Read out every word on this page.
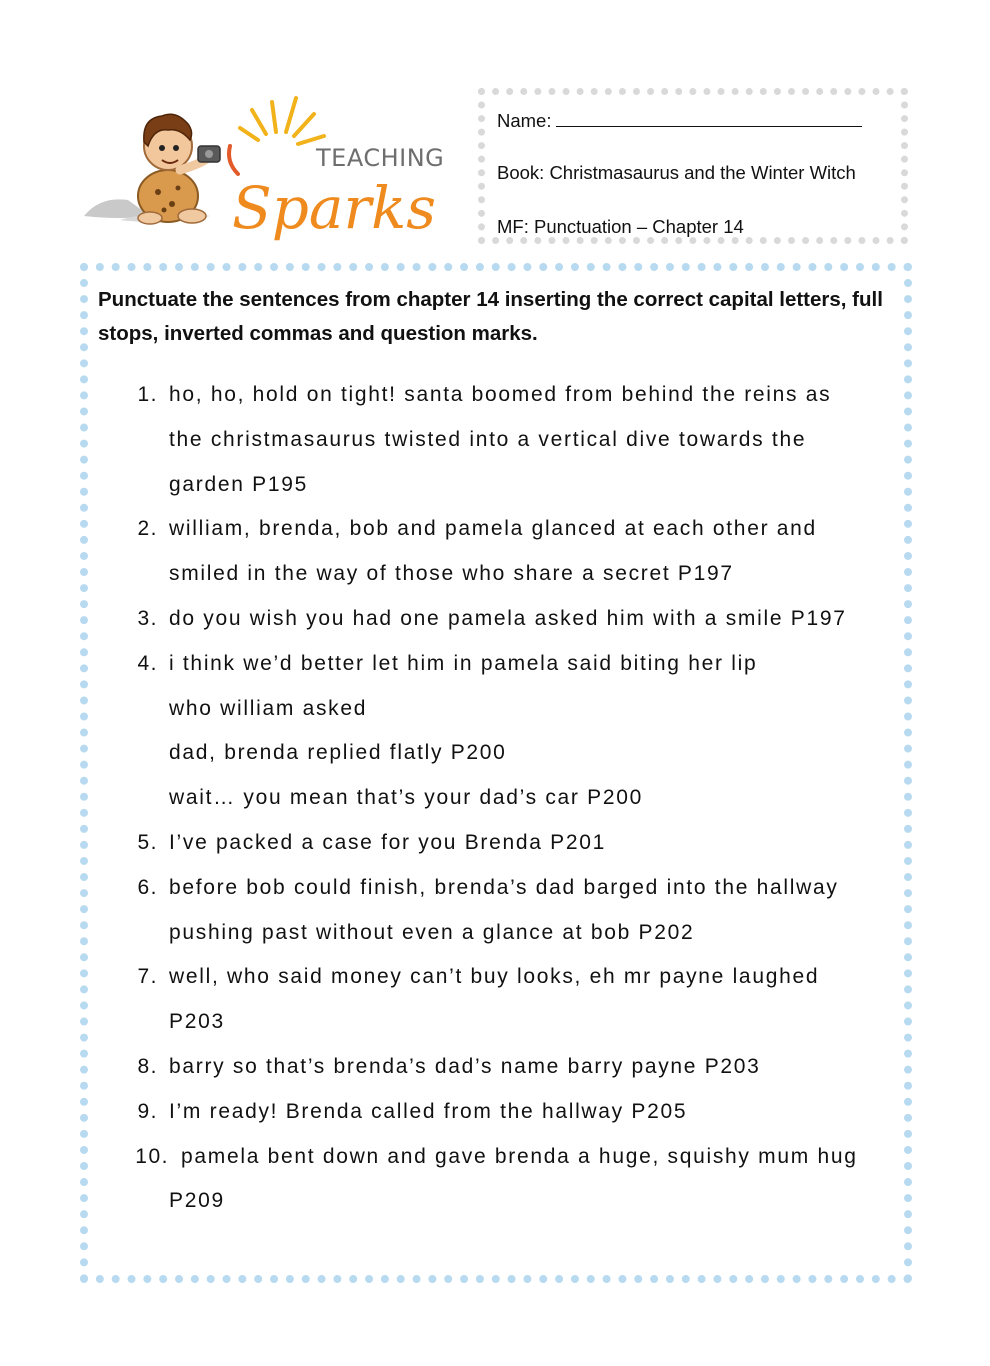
TEACHING
Sparks
Name:
Book: Christmasaurus and the Winter Witch
MF: Punctuation – Chapter 14
Punctuate the sentences from chapter 14 inserting the correct capital letters, full stops, inverted commas and question marks.
1. ho, ho, hold on tight! santa boomed from behind the reins as
the christmasaurus twisted into a vertical dive towards the
garden P195
2. william, brenda, bob and pamela glanced at each other and
smiled in the way of those who share a secret P197
3. do you wish you had one pamela asked him with a smile P197
4. i think we’d better let him in pamela said biting her lip
who william asked
dad, brenda replied flatly P200
wait… you mean that’s your dad’s car P200
5. I’ve packed a case for you Brenda P201
6. before bob could finish, brenda’s dad barged into the hallway
pushing past without even a glance at bob P202
7. well, who said money can’t buy looks, eh mr payne laughed
P203
8. barry so that’s brenda’s dad’s name barry payne P203
9. I’m ready! Brenda called from the hallway P205
10. pamela bent down and gave brenda a huge, squishy mum hug
P209
